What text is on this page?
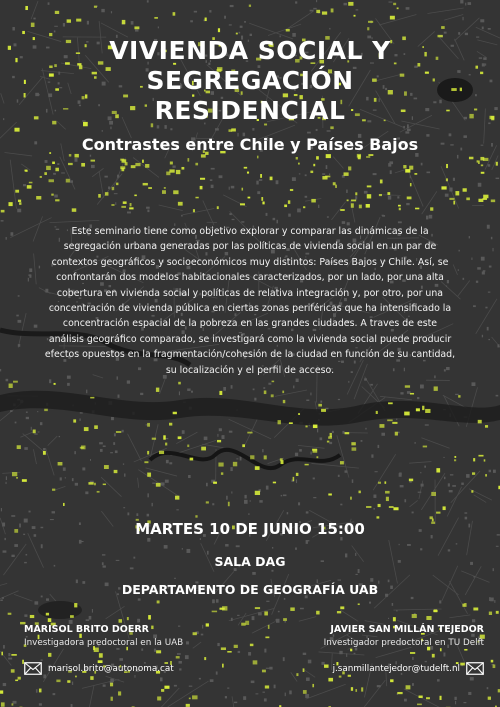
VIVIENDA SOCIAL Y
SEGREGACIÓN
RESIDENCIAL
Contrastes entre Chile y Países Bajos
Este seminario tiene como objetivo explorar y comparar las dinámicas de la segregación urbana generadas por las políticas de vivienda social en un par de contextos geográficos y socioeconómicos muy distintos: Países Bajos y Chile. Así, se confrontarán dos modelos habitacionales caracterizados, por un lado, por una alta cobertura en vivienda social y políticas de relativa integración y, por otro, por una concentración de vivienda pública en ciertas zonas periféricas que ha intensificado la concentración espacial de la pobreza en las grandes ciudades. A traves de este análisis geográfico comparado, se investigará como la vivienda social puede producir efectos opuestos en la fragmentación/cohesión de la ciudad en función de su cantidad, su localización y el perfil de acceso.
MARTES 10 DE JUNIO 15:00
SALA DAG
DEPARTAMENTO DE GEOGRAFÍA UAB
MARISOL BRITO DOERR
Investigadora predoctoral en la UAB
marisol.brito@autonoma.cat
JAVIER SAN MILLÁN TEJEDOR
Investigador predoctoral en TU Delft
j.sanmillantejedor@tudelft.nl
